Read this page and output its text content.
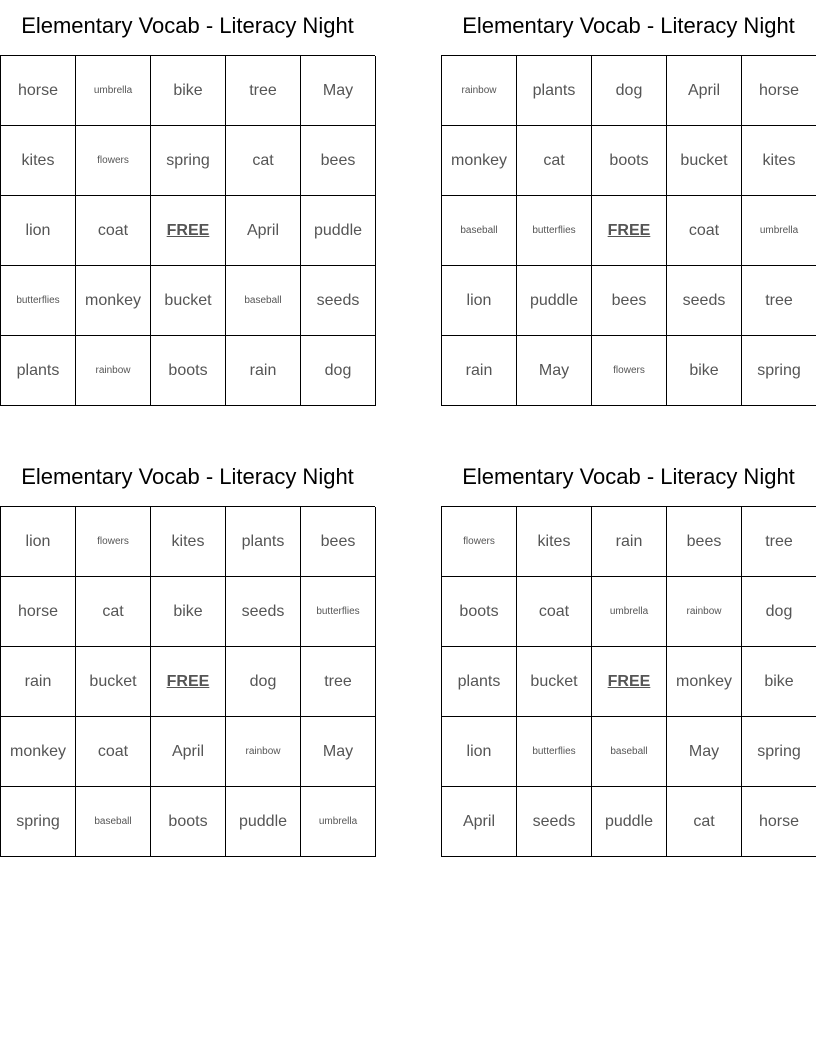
Elementary Vocab - Literacy Night
horse	umbrella	bike	tree	May
kites	flowers	spring	cat	bees
lion	coat	FREE	April	puddle
butterflies	monkey	bucket	baseball	seeds
plants	rainbow	boots	rain	dog
Elementary Vocab - Literacy Night
rainbow	plants	dog	April	horse
monkey	cat	boots	bucket	kites
baseball	butterflies	FREE	coat	umbrella
lion	puddle	bees	seeds	tree
rain	May	flowers	bike	spring
Elementary Vocab - Literacy Night
lion	flowers	kites	plants	bees
horse	cat	bike	seeds	butterflies
rain	bucket	FREE	dog	tree
monkey	coat	April	rainbow	May
spring	baseball	boots	puddle	umbrella
Elementary Vocab - Literacy Night
flowers	kites	rain	bees	tree
boots	coat	umbrella	rainbow	dog
plants	bucket	FREE	monkey	bike
lion	butterflies	baseball	May	spring
April	seeds	puddle	cat	horse
